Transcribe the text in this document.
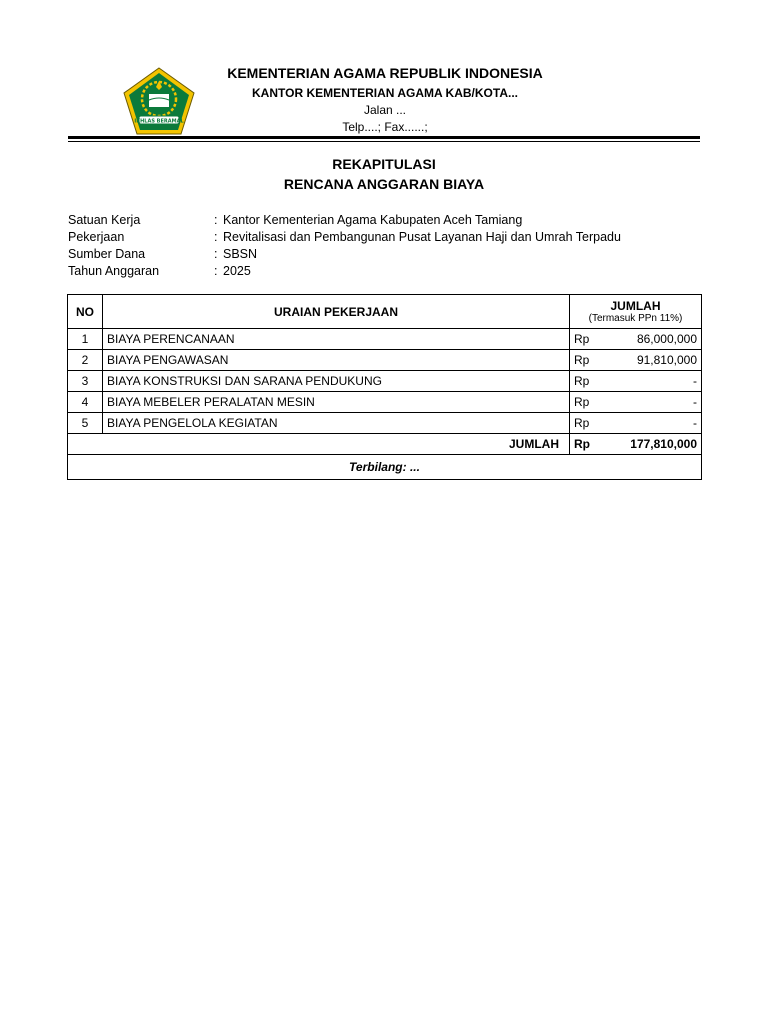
IKHLAS BERAMAL
KEMENTERIAN AGAMA REPUBLIK INDONESIA
KANTOR KEMENTERIAN AGAMA KAB/KOTA...
Jalan ...
Telp....; Fax......;
REKAPITULASI
RENCANA ANGGARAN BIAYA
Satuan Kerja	: Kantor Kementerian Agama Kabupaten Aceh Tamiang
Pekerjaan	: Revitalisasi dan Pembangunan Pusat Layanan Haji dan Umrah Terpadu
Sumber Dana	: SBSN
Tahun Anggaran	: 2025
NO	URAIAN PEKERJAAN	JUMLAH
(Termasuk PPn 11%)	

1	BIAYA PERENCANAAN	Rp	86,000,000
2	BIAYA PENGAWASAN	Rp	91,810,000
3	BIAYA KONSTRUKSI DAN SARANA PENDUKUNG	Rp	-
4	BIAYA MEBELER PERALATAN MESIN	Rp	-
5	BIAYA PENGELOLA KEGIATAN	Rp	-
JUMLAH		Rp	177,810,000
Terbilang: ...			
